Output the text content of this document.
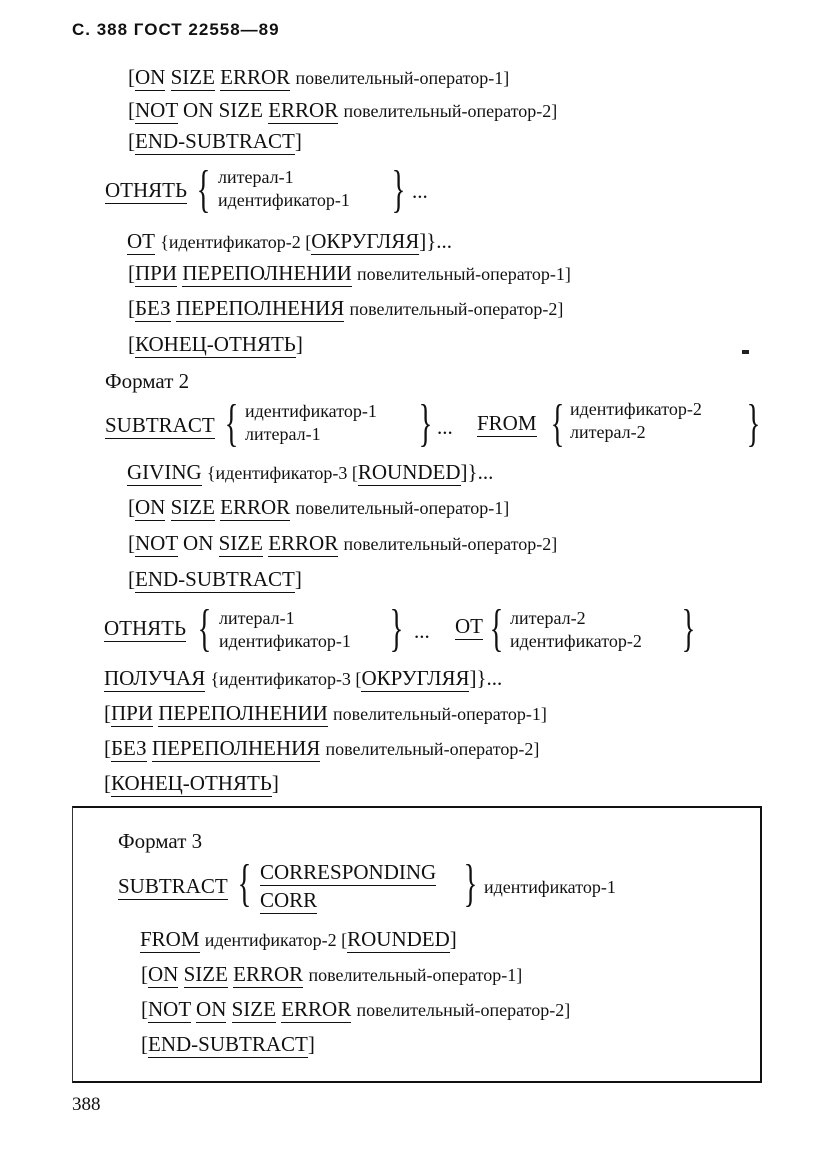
С. 388 ГОСТ 22558—89
[ON SIZE ERROR повелительный-оператор-1]
[NOT ON SIZE ERROR повелительный-оператор-2]
[END-SUBTRACT]
ОТНЯТЬ { литерал-1
идентификатор-1 } ...
ОТ {идентификатор-2 [ОКРУГЛЯЯ]}...
[ПРИ ПЕРЕПОЛНЕНИИ повелительный-оператор-1]
[БЕЗ ПЕРЕПОЛНЕНИЯ повелительный-оператор-2]
[КОНЕЦ-ОТНЯТЬ]
Формат 2
SUBTRACT { идентификатор-1
литерал-1	} ... FROM { идентификатор-2
литерал-2	}
GIVING {идентификатор-3 [ROUNDED]}...
[ON SIZE ERROR повелительный-оператор-1]
[NOT ON SIZE ERROR повелительный-оператор-2]
[END-SUBTRACT]
ОТНЯТЬ { литерал-1
идентификатор-1 } ... ОТ { литерал-2
идентификатор-2 }
ПОЛУЧАЯ {идентификатор-3 [ОКРУГЛЯЯ]}...
[ПРИ ПЕРЕПОЛНЕНИИ повелительный-оператор-1]
[БЕЗ ПЕРЕПОЛНЕНИЯ повелительный-оператор-2]
[КОНЕЦ-ОТНЯТЬ]
Формат 3
SUBTRACT { CORRESPONDING
CORR	} идентификатор-1
FROM идентификатор-2 [ROUNDED]
[ON SIZE ERROR повелительный-оператор-1]
[NOT ON SIZE ERROR повелительный-оператор-2]
[END-SUBTRACT]
388
